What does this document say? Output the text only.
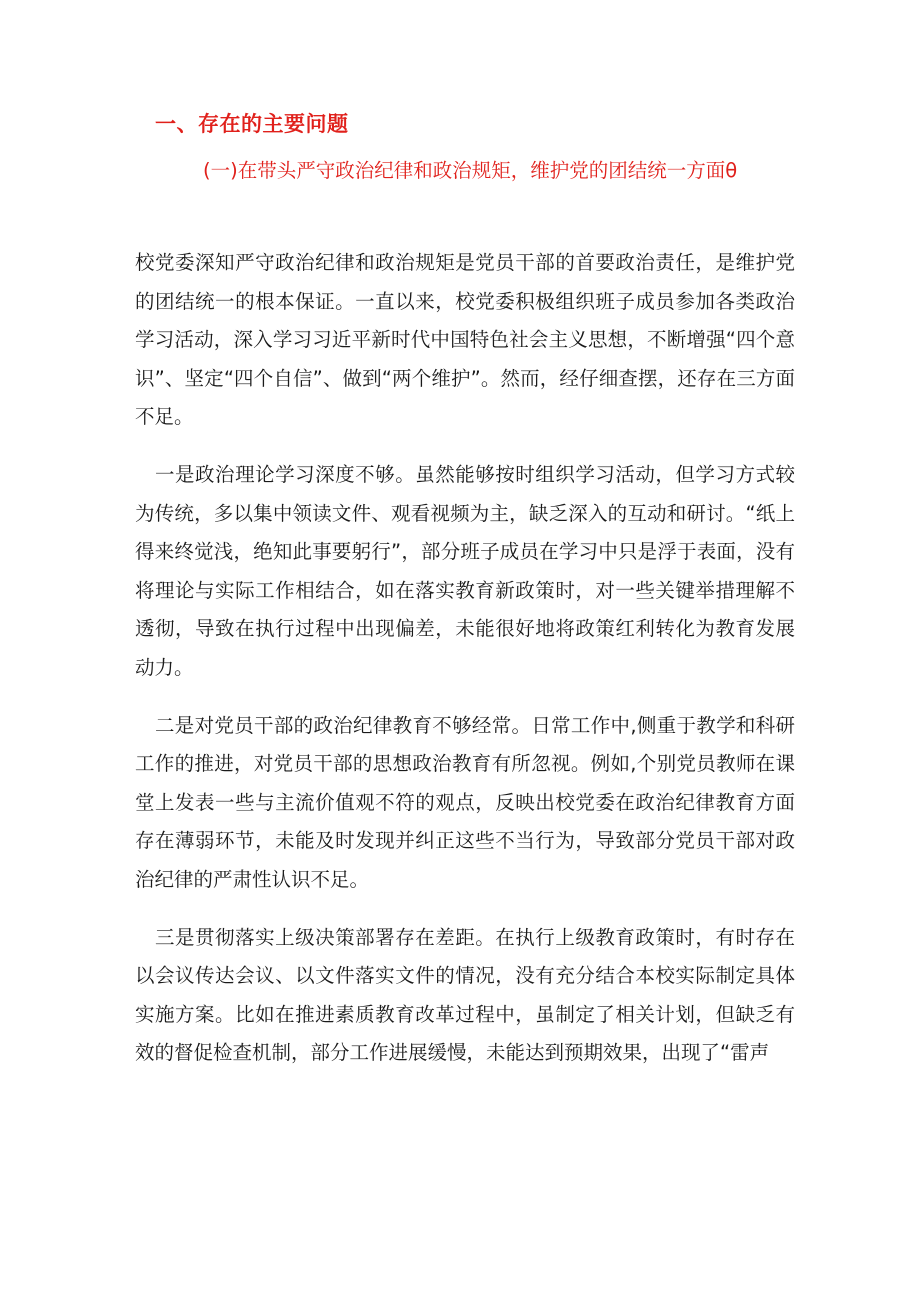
一、存在的主要问题

(一)在带头严守政治纪律和政治规矩，维护党的团结统一方面θ

校党委深知严守政治纪律和政治规矩是党员干部的首要政治责任，是维护党的团结统一的根本保证。一直以来，校党委积极组织班子成员参加各类政治学习活动，深入学习习近平新时代中国特色社会主义思想，不断增强“四个意识”、坚定“四个自信”、做到“两个维护”。然而，经仔细查摆，还存在三方面不足。

一是政治理论学习深度不够。虽然能够按时组织学习活动，但学习方式较为传统，多以集中领读文件、观看视频为主，缺乏深入的互动和研讨。“纸上得来终觉浅，绝知此事要躬行”，部分班子成员在学习中只是浮于表面，没有将理论与实际工作相结合，如在落实教育新政策时，对一些关键举措理解不透彻，导致在执行过程中出现偏差，未能很好地将政策红利转化为教育发展动力。

二是对党员干部的政治纪律教育不够经常。日常工作中,侧重于教学和科研工作的推进，对党员干部的思想政治教育有所忽视。例如,个别党员教师在课堂上发表一些与主流价值观不符的观点，反映出校党委在政治纪律教育方面存在薄弱环节，未能及时发现并纠正这些不当行为，导致部分党员干部对政治纪律的严肃性认识不足。

三是贯彻落实上级决策部署存在差距。在执行上级教育政策时，有时存在以会议传达会议、以文件落实文件的情况，没有充分结合本校实际制定具体实施方案。比如在推进素质教育改革过程中，虽制定了相关计划，但缺乏有效的督促检查机制，部分工作进展缓慢，未能达到预期效果，出现了“雷声
